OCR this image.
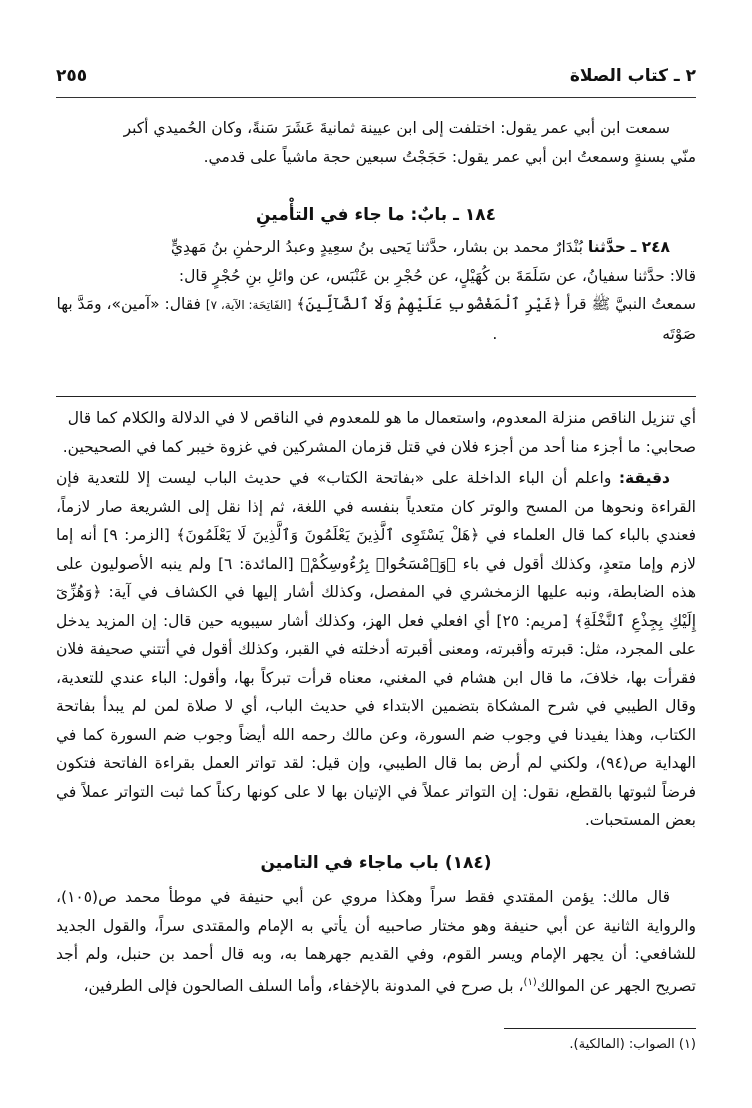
٢ ـ كتاب الصلاة
٢٥٥

سمعت ابن أبي عمر يقول: اختلفت إلى ابن عيينة ثمانيةَ عَشَرَ سَنةً، وكان الحُميدي أكبر

منّي بسنةٍ وسمعتُ ابن أبي عمر يقول: حَجَجْتُ سبعين حجة ماشياً على قدمي.

١٨٤ ـ بابٌ: ما جاء في التأْمينِ

٢٤٨ ـ حدَّثنا بُنْدَارٌ محمد بن بشار، حدَّثنا يَحيى بنُ سعِيدٍ وعبدُ الرحمٰنِ بنُ مَهدِيٍّ

قالا: حدَّثنا سفيانُ، عن سَلَمَةَ بن كُهَيْلٍ، عن حُجْرِ بن عَنْبَس، عن وائلِ بنِ حُجْرٍ قال:

سمعتُ النبيَّ ﷺ قرأ ﴿غَيْرِ ٱلْمَغْضُوبِ عَلَيْهِمْ وَلَا ٱلضَّآلِّينَ﴾ [الفَاتِحَة: الآية، ٧] فقال: «آمين»، ومَدَّ بها

صَوْتَه .

أي تنزيل الناقص منزلة المعدوم، واستعمال ما هو للمعدوم في الناقص لا في الدلالة والكلام كما قال

صحابي: ما أجزء منا أحد من أجزء فلان في قتل قزمان المشركين في غزوة خيبر كما في الصحيحين.

دقيقة: واعلم أن الباء الداخلة على «بفاتحة الكتاب» في حديث الباب ليست إلا للتعدية فإن القراءة ونحوها من المسح والوتر كان متعدياً بنفسه في اللغة، ثم إذا نقل إلى الشريعة صار لازماً، فعندي بالباء كما قال العلماء في ﴿هَلْ يَسْتَوِى ٱلَّذِينَ يَعْلَمُونَ وَٱلَّذِينَ لَا يَعْلَمُونَ﴾ [الزمر: ٩] أنه إما لازم وإما متعدٍ، وكذلك أقول في باء ﴿وَٱمْسَحُوا۟ بِرُءُوسِكُمْ﴾ [المائدة: ٦] ولم ينبه الأصوليون على هذه الضابطة، ونبه عليها الزمخشري في المفصل، وكذلك أشار إليها في الكشاف في آية: ﴿وَهُزِّىٓ إِلَيْكِ بِجِذْعِ ٱلنَّخْلَةِ﴾ [مريم: ٢٥] أي افعلي فعل الهز، وكذلك أشار سيبويه حين قال: إن المزيد يدخل على المجرد، مثل: قبرته وأقبرته، ومعنى أقبرته أدخلته في القبر، وكذلك أقول في أتتني صحيفة فلان فقرأت بها، خلافَ، ما قال ابن هشام في المغني، معناه قرأت تبركاً بها، وأقول: الباء عندي للتعدية، وقال الطيبي في شرح المشكاة بتضمين الابتداء في حديث الباب، أي لا صلاة لمن لم يبدأ بفاتحة الكتاب، وهذا يفيدنا في وجوب ضم السورة، وعن مالك رحمه الله أيضاً وجوب ضم السورة كما في الهداية ص(٩٤)، ولكني لم أرض بما قال الطيبي، وإن قيل: لقد تواتر العمل بقراءة الفاتحة فتكون فرضاً لثبوتها بالقطع، نقول: إن التواتر عملاً في الإتيان بها لا على كونها ركناً كما ثبت التواتر عملاً في بعض المستحبات.

(١٨٤) باب ماجاء في التامين

قال مالك: يؤمن المقتدي فقط سراً وهكذا مروي عن أبي حنيفة في موطأ محمد ص(١٠٥)، والرواية الثانية عن أبي حنيفة وهو مختار صاحبيه أن يأتي به الإمام والمقتدى سراً، والقول الجديد للشافعي: أن يجهر الإمام ويسر القوم، وفي القديم جهرهما به، وبه قال أحمد بن حنبل، ولم أجد تصريح الجهر عن الموالك$^{(١)}$، بل صرح في المدونة بالإخفاء، وأما السلف الصالحون فإلى الطرفين،

(١) الصواب: (المالكية).
